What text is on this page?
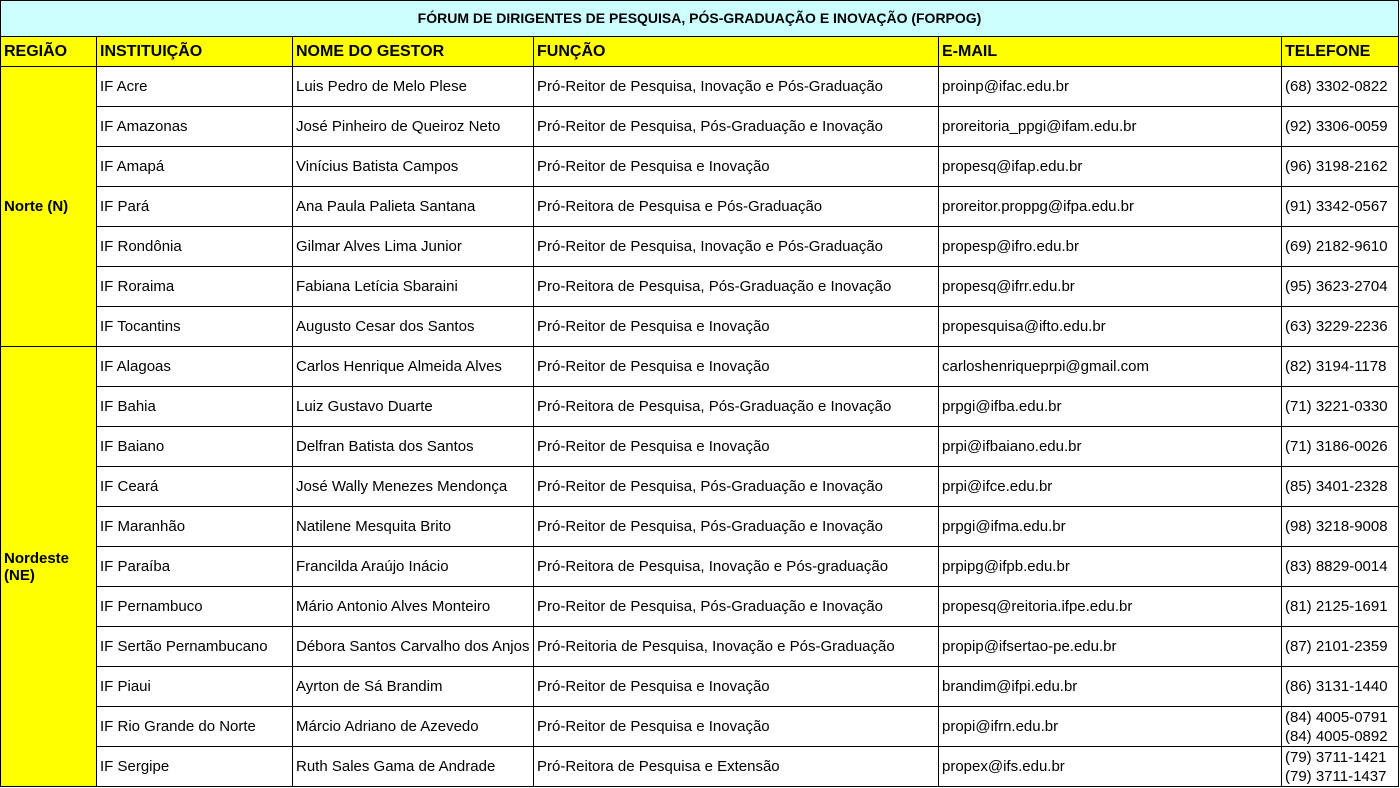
FÓRUM DE DIRIGENTES DE PESQUISA, PÓS-GRADUAÇÃO E INOVAÇÃO (FORPOG)					
REGIÃO	INSTITUIÇÃO	NOME DO GESTOR	FUNÇÃO	E-MAIL	TELEFONE
Norte (N)	IF Acre	Luis Pedro de Melo Plese	Pró-Reitor de Pesquisa, Inovação e Pós-Graduação	proinp@ifac.edu.br	(68) 3302-0822

	IF Amazonas	José Pinheiro de Queiroz Neto	Pró-Reitor de Pesquisa, Pós-Graduação e Inovação	proreitoria_ppgi@ifam.edu.br	(92) 3306-0059

	IF Amapá	Vinícius Batista Campos	Pró-Reitor de Pesquisa e Inovação	propesq@ifap.edu.br	(96) 3198-2162

	IF Pará	Ana Paula Palieta Santana	Pró-Reitora de Pesquisa e Pós-Graduação	proreitor.proppg@ifpa.edu.br	(91) 3342-0567

	IF Rondônia	Gilmar Alves Lima Junior	Pró-Reitor de Pesquisa, Inovação e Pós-Graduação	propesp@ifro.edu.br	(69) 2182-9610

	IF Roraima	Fabiana Letícia Sbaraini	Pro-Reitora de Pesquisa, Pós-Graduação e Inovação	propesq@ifrr.edu.br	(95) 3623-2704

	IF Tocantins	Augusto Cesar dos Santos	Pró-Reitor de Pesquisa e Inovação	propesquisa@ifto.edu.br	(63) 3229-2236

Nordeste (NE)	IF Alagoas	Carlos Henrique Almeida Alves	Pró-Reitor de Pesquisa e Inovação	carloshenriqueprpi@gmail.com	(82) 3194-1178

	IF Bahia	Luiz Gustavo Duarte	Pró-Reitora de Pesquisa, Pós-Graduação e Inovação	prpgi@ifba.edu.br	(71) 3221-0330

	IF Baiano	Delfran Batista dos Santos	Pró-Reitor de Pesquisa e Inovação	prpi@ifbaiano.edu.br	(71) 3186-0026

	IF Ceará	José Wally Menezes Mendonça	Pró-Reitor de Pesquisa, Pós-Graduação e Inovação	prpi@ifce.edu.br	(85) 3401-2328

	IF Maranhão	Natilene Mesquita Brito	Pró-Reitor de Pesquisa, Pós-Graduação e Inovação	prpgi@ifma.edu.br	(98) 3218-9008

	IF Paraíba	Francilda Araújo Inácio	Pró-Reitora de Pesquisa, Inovação e Pós-graduação	prpipg@ifpb.edu.br	(83) 8829-0014

	IF Pernambuco	Mário Antonio Alves Monteiro	Pro-Reitor de Pesquisa, Pós-Graduação e Inovação	propesq@reitoria.ifpe.edu.br	(81) 2125-1691

	IF Sertão Pernambucano	Débora Santos Carvalho dos Anjos	Pró-Reitoria de Pesquisa, Inovação e Pós-Graduação	propip@ifsertao-pe.edu.br	(87) 2101-2359

	IF Piaui	Ayrton de Sá Brandim	Pró-Reitor de Pesquisa e Inovação	brandim@ifpi.edu.br	(86) 3131-1440

	IF Rio Grande do Norte	Márcio Adriano de Azevedo	Pró-Reitor de Pesquisa e Inovação	propi@ifrn.edu.br	(84) 4005-0791
(84) 4005-0892

	IF Sergipe	Ruth Sales Gama de Andrade	Pró-Reitora de Pesquisa e Extensão	propex@ifs.edu.br	(79) 3711-1421
(79) 3711-1437
